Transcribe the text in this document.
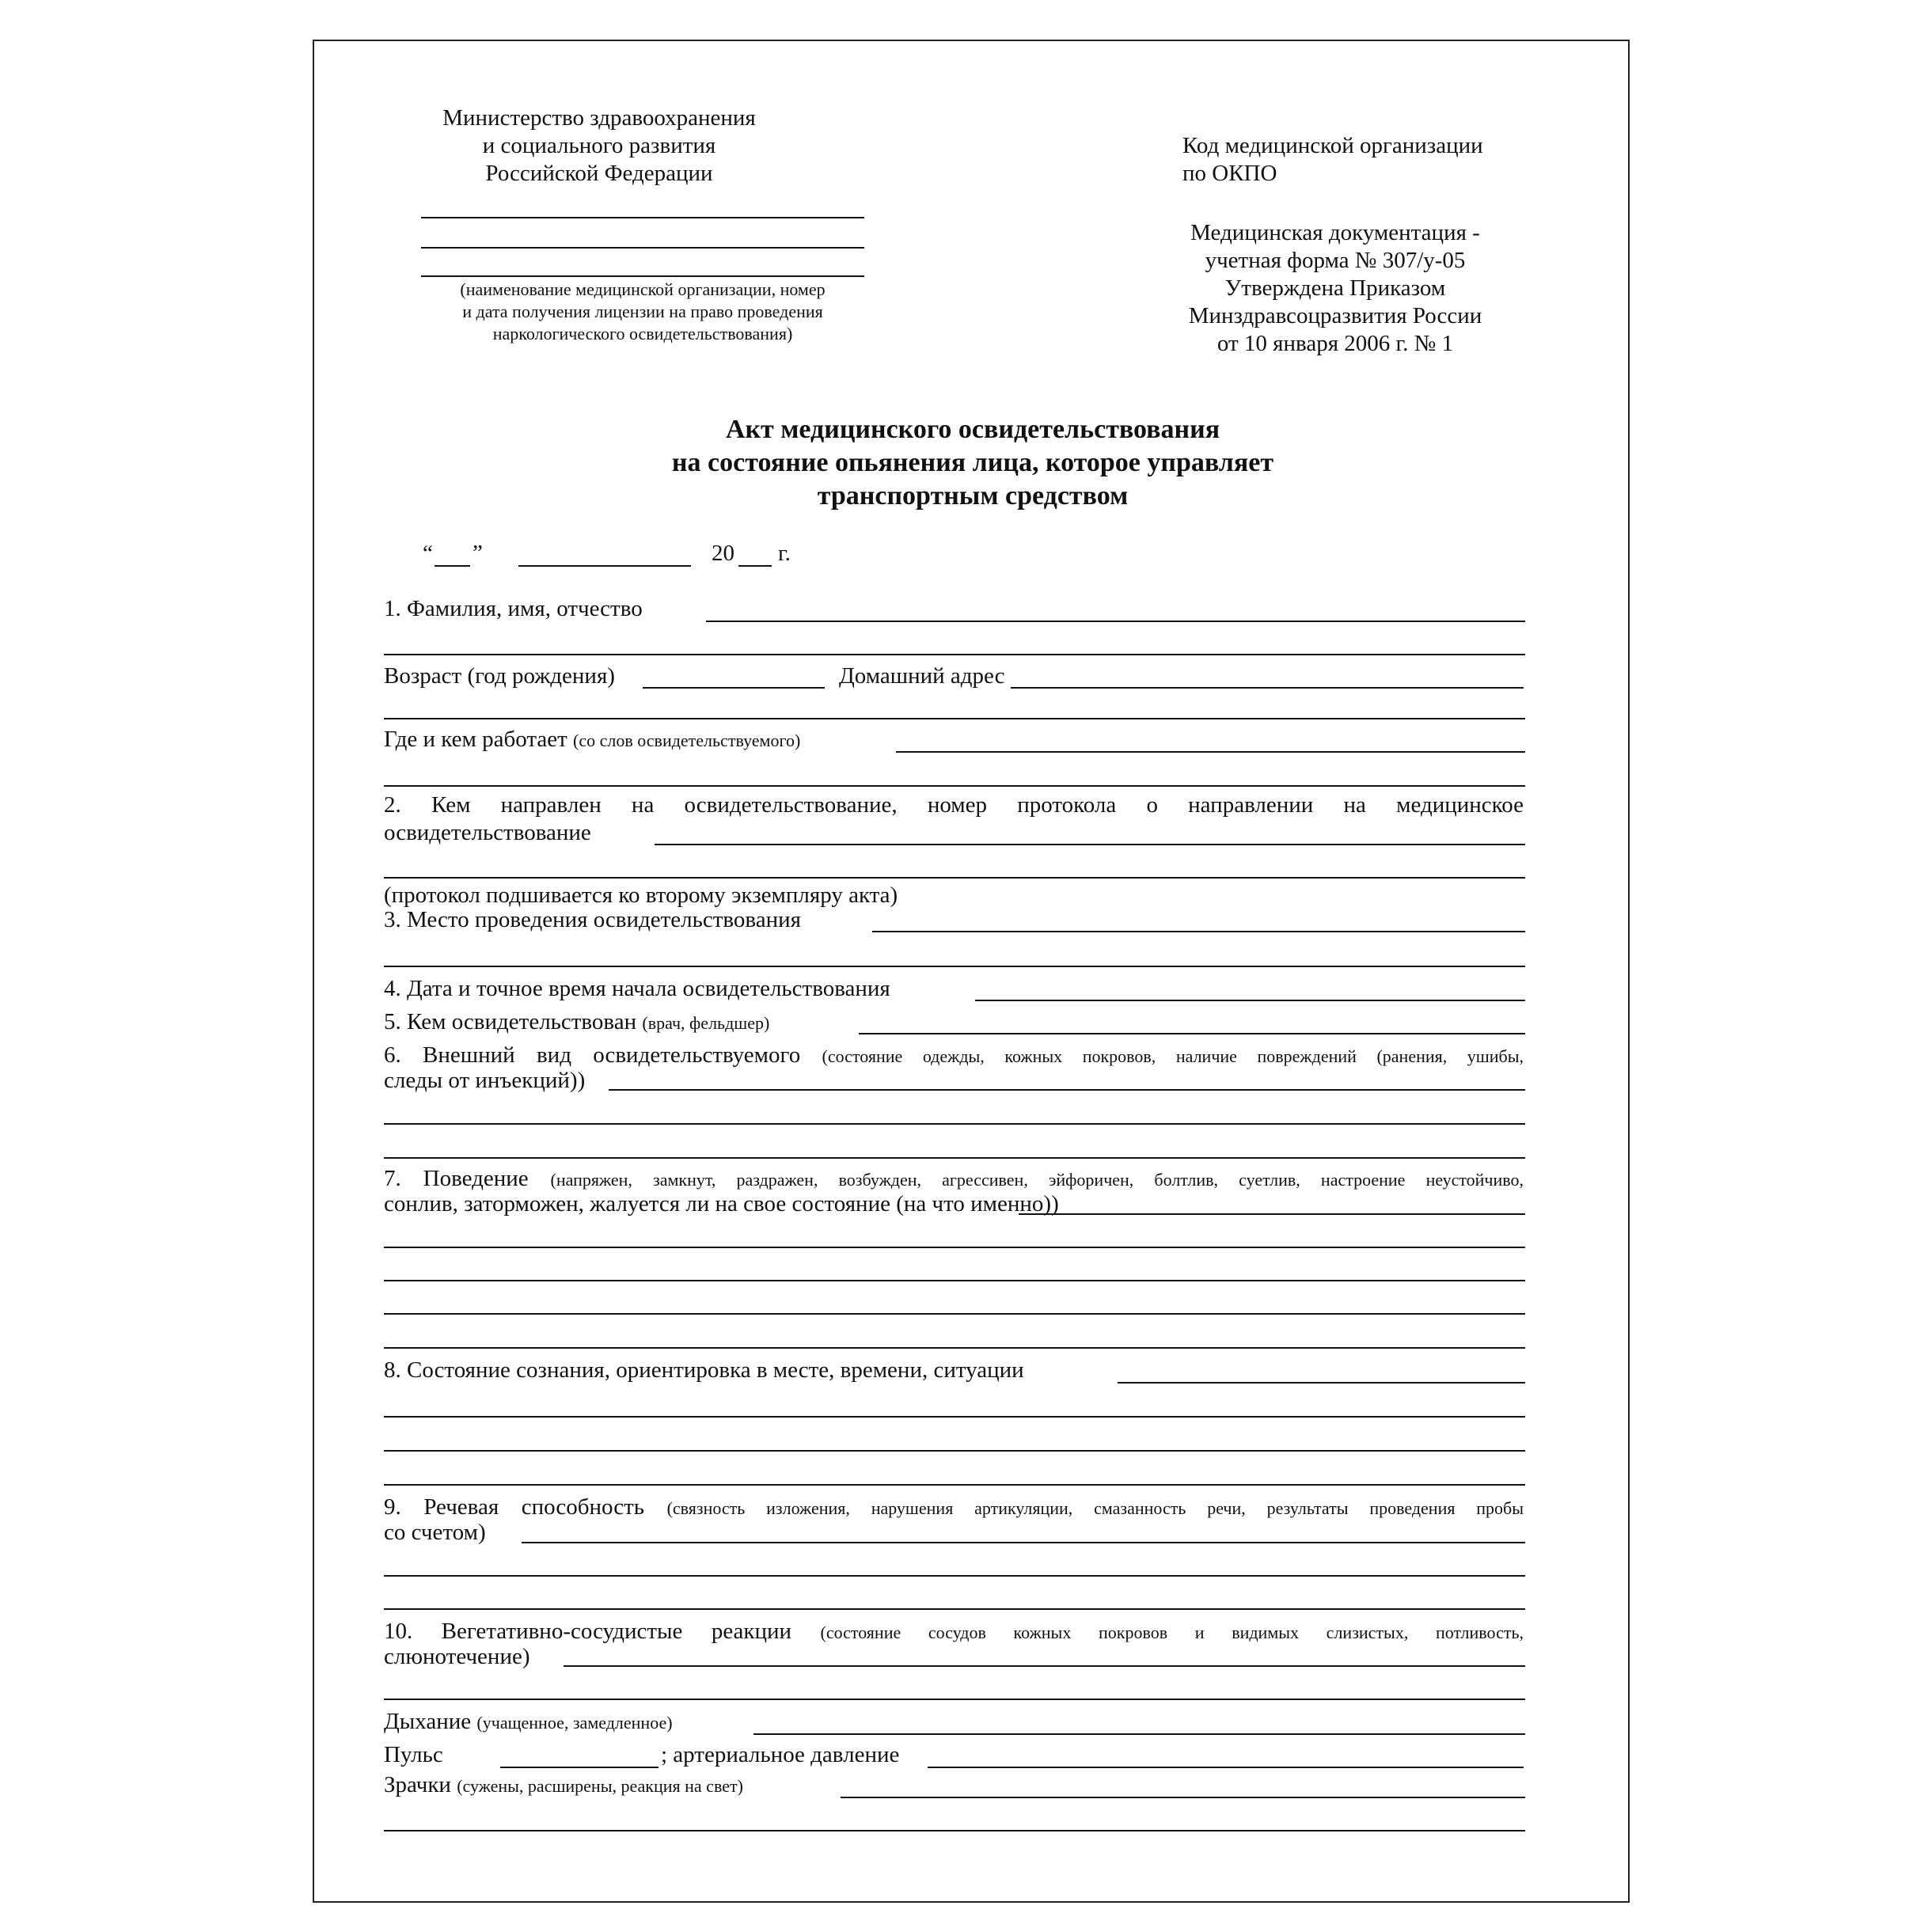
Министерство здравоохранения
и социального развития
Российской Федерации
(наименование медицинской организации, номер
и дата получения лицензии на право проведения
наркологического освидетельствования)
Код медицинской организации
по ОКПО
Медицинская документация -
учетная форма № 307/у-05
Утверждена Приказом
Минздравсоцразвития России
от 10 января 2006 г. № 1
Акт медицинского освидетельствования
на состояние опьянения лица, которое управляет
транспортным средством
“ ”	20 г.
1. Фамилия, имя, отчество
Возраст (год рождения)	Домашний адрес
Где и кем работает (со слов освидетельствуемого)
2. Кем направлен на освидетельствование, номер протокола о направлении на медицинское
освидетельствование
(протокол подшивается ко второму экземпляру акта)
3. Место проведения освидетельствования
4. Дата и точное время начала освидетельствования
5. Кем освидетельствован (врач, фельдшер)
6. Внешний вид освидетельствуемого (состояние одежды, кожных покровов, наличие повреждений (ранения, ушибы,
следы от инъекций))
7. Поведение (напряжен, замкнут, раздражен, возбужден, агрессивен, эйфоричен, болтлив, суетлив, настроение неустойчиво,
сонлив, заторможен, жалуется ли на свое состояние (на что именно))
8. Состояние сознания, ориентировка в месте, времени, ситуации
9. Речевая способность (связность изложения, нарушения артикуляции, смазанность речи, результаты проведения пробы
со счетом)
10. Вегетативно-сосудистые реакции (состояние сосудов кожных покровов и видимых слизистых, потливость,
слюнотечение)
Дыхание (учащенное, замедленное)
Пульс	; артериальное давление
Зрачки (сужены, расширены, реакция на свет)
